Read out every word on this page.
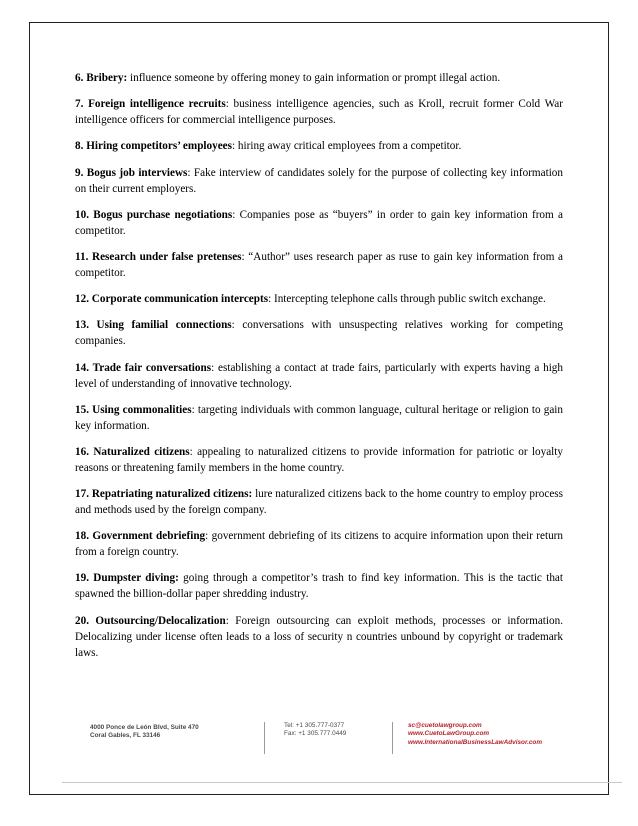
6. Bribery: influence someone by offering money to gain information or prompt illegal action.

7. Foreign intelligence recruits: business intelligence agencies, such as Kroll, recruit former Cold War intelligence officers for commercial intelligence purposes.

8. Hiring competitors’ employees: hiring away critical employees from a competitor.

9. Bogus job interviews: Fake interview of candidates solely for the purpose of collecting key information on their current employers.

10. Bogus purchase negotiations: Companies pose as “buyers” in order to gain key information from a competitor.

11. Research under false pretenses: “Author” uses research paper as ruse to gain key information from a competitor.

12. Corporate communication intercepts: Intercepting telephone calls through public switch exchange.

13. Using familial connections: conversations with unsuspecting relatives working for competing companies.

14. Trade fair conversations: establishing a contact at trade fairs, particularly with experts having a high level of understanding of innovative technology.

15. Using commonalities: targeting individuals with common language, cultural heritage or religion to gain key information.

16. Naturalized citizens: appealing to naturalized citizens to provide information for patriotic or loyalty reasons or threatening family members in the home country.

17. Repatriating naturalized citizens: lure naturalized citizens back to the home country to employ process and methods used by the foreign company.

18. Government debriefing: government debriefing of its citizens to acquire information upon their return from a foreign country.

19. Dumpster diving: going through a competitor’s trash to find key information. This is the tactic that spawned the billion-dollar paper shredding industry.

20. Outsourcing/Delocalization: Foreign outsourcing can exploit methods, processes or information. Delocalizing under license often leads to a loss of security n countries unbound by copyright or trademark laws.

4000 Ponce de León Blvd, Suite 470
Coral Gables, FL 33146
Tel: +1 305.777-0377
Fax: +1 305.777.0449
sc@cuetolawgroup.com
www.CuetoLawGroup.com
www.InternationalBusinessLawAdvisor.com
